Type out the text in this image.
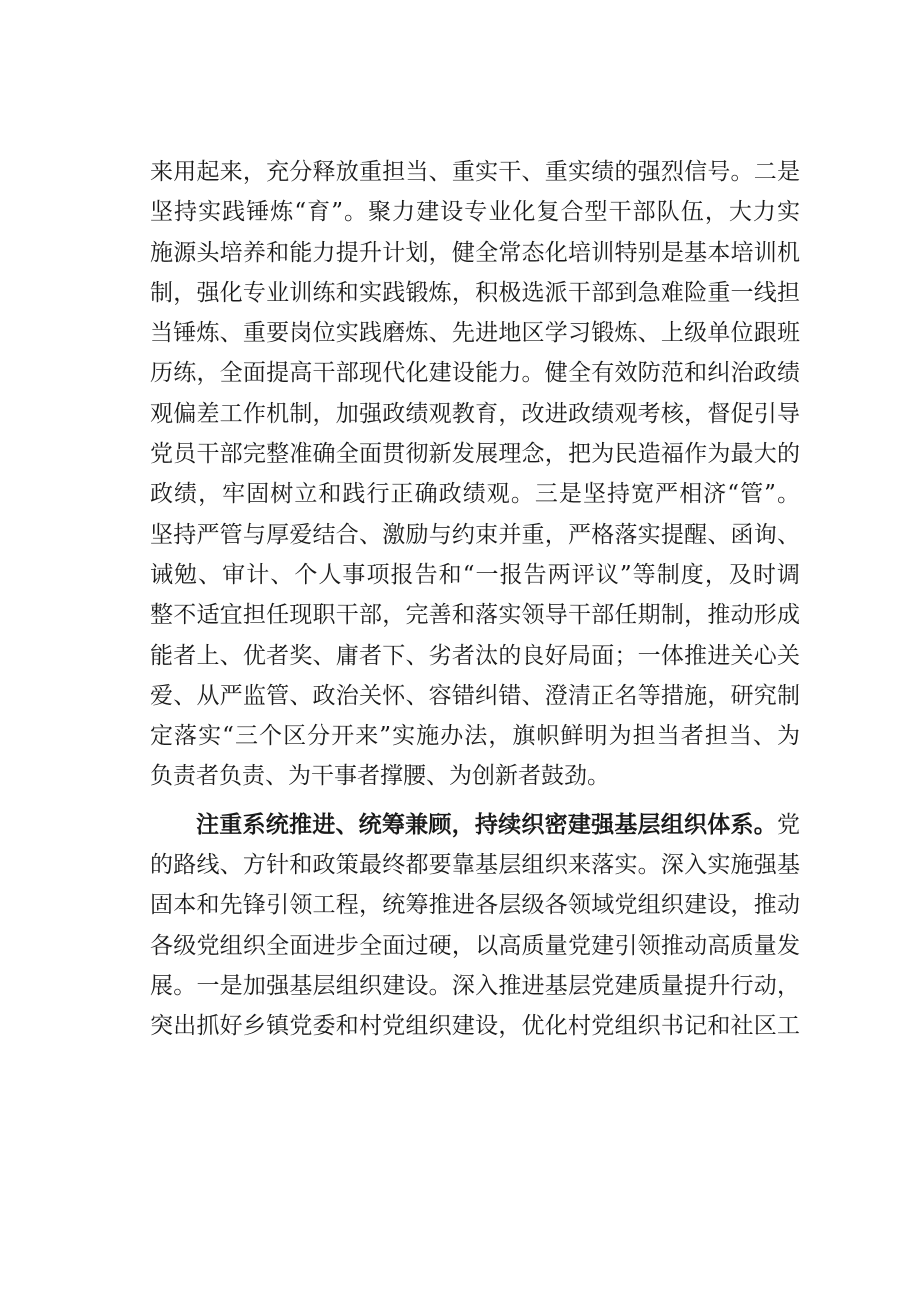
来用起来，充分释放重担当、重实干、重实绩的强烈信号。二是
坚持实践锤炼“育”。聚力建设专业化复合型干部队伍，大力实
施源头培养和能力提升计划，健全常态化培训特别是基本培训机
制，强化专业训练和实践锻炼，积极选派干部到急难险重一线担
当锤炼、重要岗位实践磨炼、先进地区学习锻炼、上级单位跟班
历练，全面提高干部现代化建设能力。健全有效防范和纠治政绩
观偏差工作机制，加强政绩观教育，改进政绩观考核，督促引导
党员干部完整准确全面贯彻新发展理念，把为民造福作为最大的
政绩，牢固树立和践行正确政绩观。三是坚持宽严相济“管”。
坚持严管与厚爱结合、激励与约束并重，严格落实提醒、函询、
诫勉、审计、个人事项报告和“一报告两评议”等制度，及时调
整不适宜担任现职干部，完善和落实领导干部任期制，推动形成
能者上、优者奖、庸者下、劣者汰的良好局面；一体推进关心关
爱、从严监管、政治关怀、容错纠错、澄清正名等措施，研究制
定落实“三个区分开来”实施办法，旗帜鲜明为担当者担当、为
负责者负责、为干事者撑腰、为创新者鼓劲。
注重系统推进、统筹兼顾，持续织密建强基层组织体系。党
的路线、方针和政策最终都要靠基层组织来落实。深入实施强基
固本和先锋引领工程，统筹推进各层级各领域党组织建设，推动
各级党组织全面进步全面过硬，以高质量党建引领推动高质量发
展。一是加强基层组织建设。深入推进基层党建质量提升行动，
突出抓好乡镇党委和村党组织建设，优化村党组织书记和社区工
